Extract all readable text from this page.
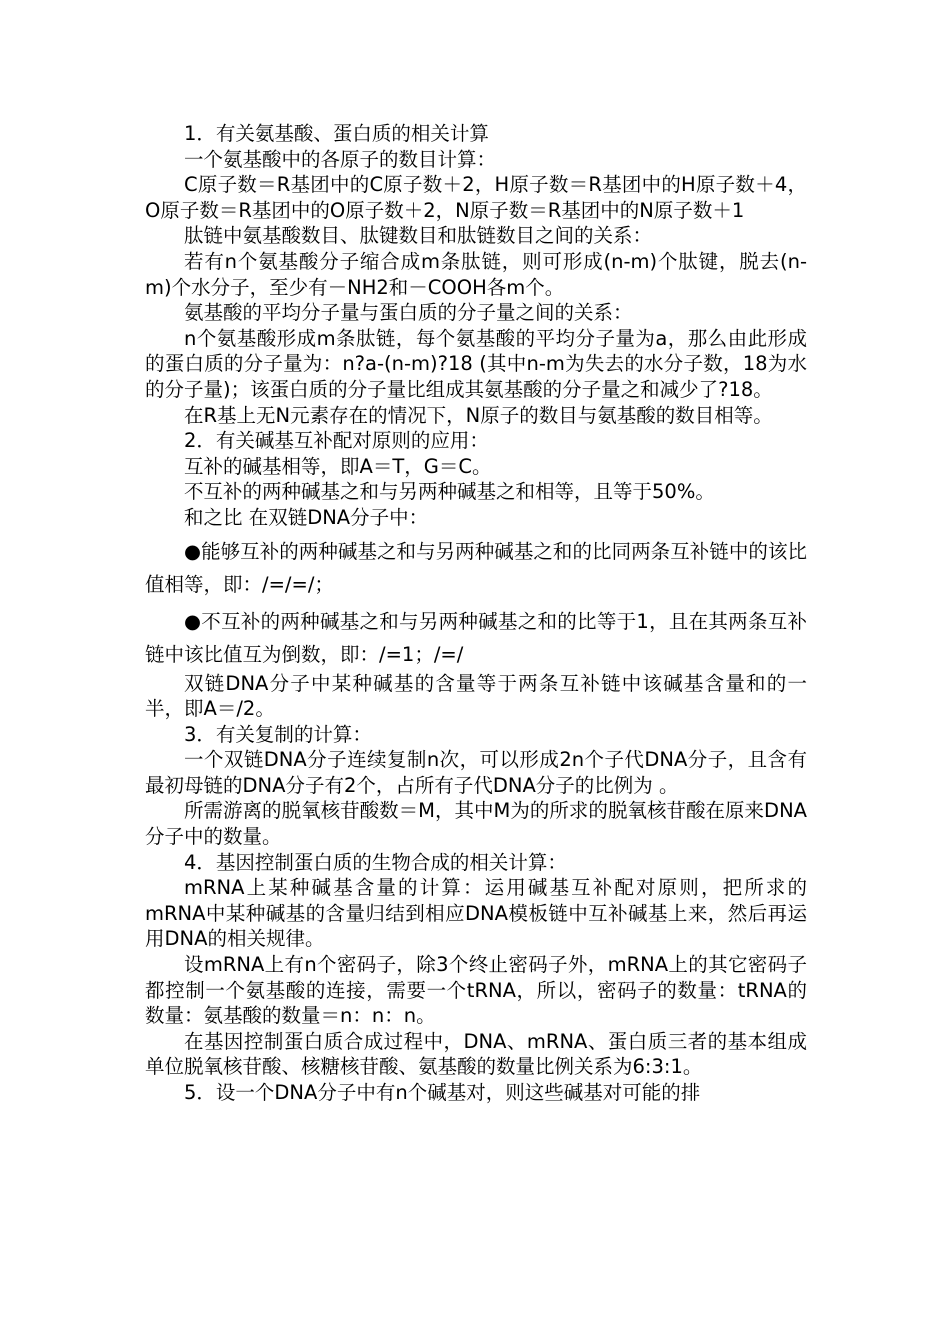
1．有关氨基酸、蛋白质的相关计算

一个氨基酸中的各原子的数目计算：

C原子数＝R基团中的C原子数＋2，H原子数＝R基团中的H原子数＋4，O原子数＝R基团中的O原子数＋2，N原子数＝R基团中的N原子数＋1

肽链中氨基酸数目、肽键数目和肽链数目之间的关系：

若有n个氨基酸分子缩合成m条肽链，则可形成(n-m)个肽键，脱去(n-m)个水分子，至少有－NH2和－COOH各m个。

氨基酸的平均分子量与蛋白质的分子量之间的关系：

n个氨基酸形成m条肽链，每个氨基酸的平均分子量为a，那么由此形成的蛋白质的分子量为：n?a-(n-m)?18 (其中n-m为失去的水分子数，18为水的分子量)；该蛋白质的分子量比组成其氨基酸的分子量之和减少了?18。

在R基上无N元素存在的情况下，N原子的数目与氨基酸的数目相等。

2．有关碱基互补配对原则的应用：

互补的碱基相等，即A＝T，G＝C。

不互补的两种碱基之和与另两种碱基之和相等，且等于50%。

和之比 在双链DNA分子中：

●能够互补的两种碱基之和与另两种碱基之和的比同两条互补链中的该比值相等，即：/=/=/；

●不互补的两种碱基之和与另两种碱基之和的比等于1，且在其两条互补链中该比值互为倒数，即：/=1；/=/

双链DNA分子中某种碱基的含量等于两条互补链中该碱基含量和的一半，即A＝/2。

3．有关复制的计算：

一个双链DNA分子连续复制n次，可以形成2n个子代DNA分子，且含有最初母链的DNA分子有2个，占所有子代DNA分子的比例为 。

所需游离的脱氧核苷酸数＝M，其中M为的所求的脱氧核苷酸在原来DNA分子中的数量。

4．基因控制蛋白质的生物合成的相关计算：

mRNA上某种碱基含量的计算：运用碱基互补配对原则，把所求的mRNA中某种碱基的含量归结到相应DNA模板链中互补碱基上来，然后再运用DNA的相关规律。

设mRNA上有n个密码子，除3个终止密码子外，mRNA上的其它密码子都控制一个氨基酸的连接，需要一个tRNA，所以，密码子的数量：tRNA的数量：氨基酸的数量＝n：n：n。

在基因控制蛋白质合成过程中，DNA、mRNA、蛋白质三者的基本组成单位脱氧核苷酸、核糖核苷酸、氨基酸的数量比例关系为6:3:1。

5．设一个DNA分子中有n个碱基对，则这些碱基对可能的排
